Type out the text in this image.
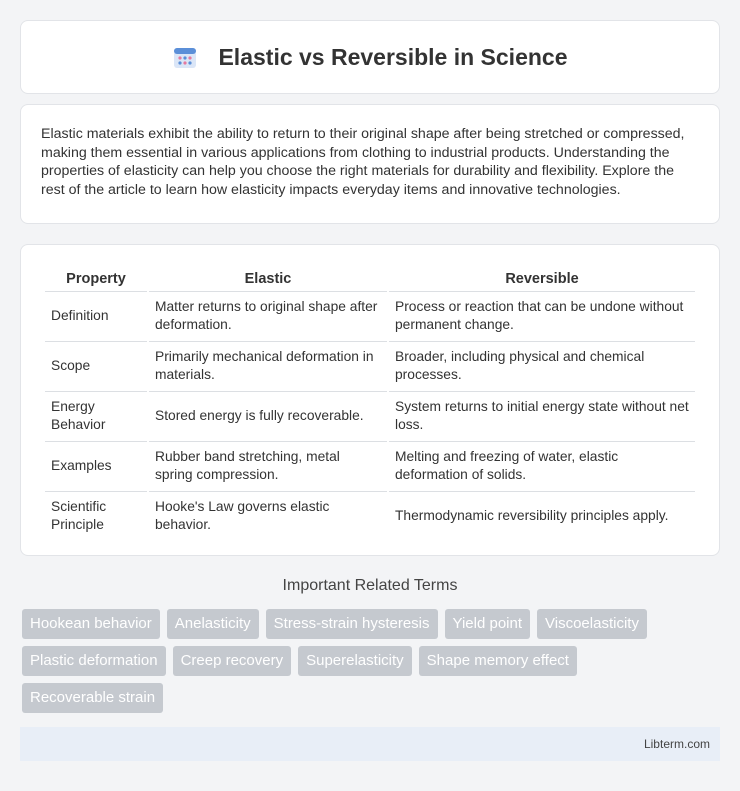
Elastic vs Reversible in Science

Elastic materials exhibit the ability to return to their original shape after being stretched or compressed, making them essential in various applications from clothing to industrial products. Understanding the properties of elasticity can help you choose the right materials for durability and flexibility. Explore the rest of the article to learn how elasticity impacts everyday items and innovative technologies.

Property	Elastic	Reversible
Definition	Matter returns to original shape after deformation.	Process or reaction that can be undone without permanent change.
Scope	Primarily mechanical deformation in materials.	Broader, including physical and chemical processes.
Energy Behavior	Stored energy is fully recoverable.	System returns to initial energy state without net loss.
Examples	Rubber band stretching, metal spring compression.	Melting and freezing of water, elastic deformation of solids.
Scientific Principle	Hooke's Law governs elastic behavior.	Thermodynamic reversibility principles apply.
Important Related Terms
Hookean behavior	Anelasticity	Stress-strain hysteresis	Yield point	Viscoelasticity
Plastic deformation	Creep recovery	Superelasticity	Shape memory effect
Recoverable strain
Libterm.com
